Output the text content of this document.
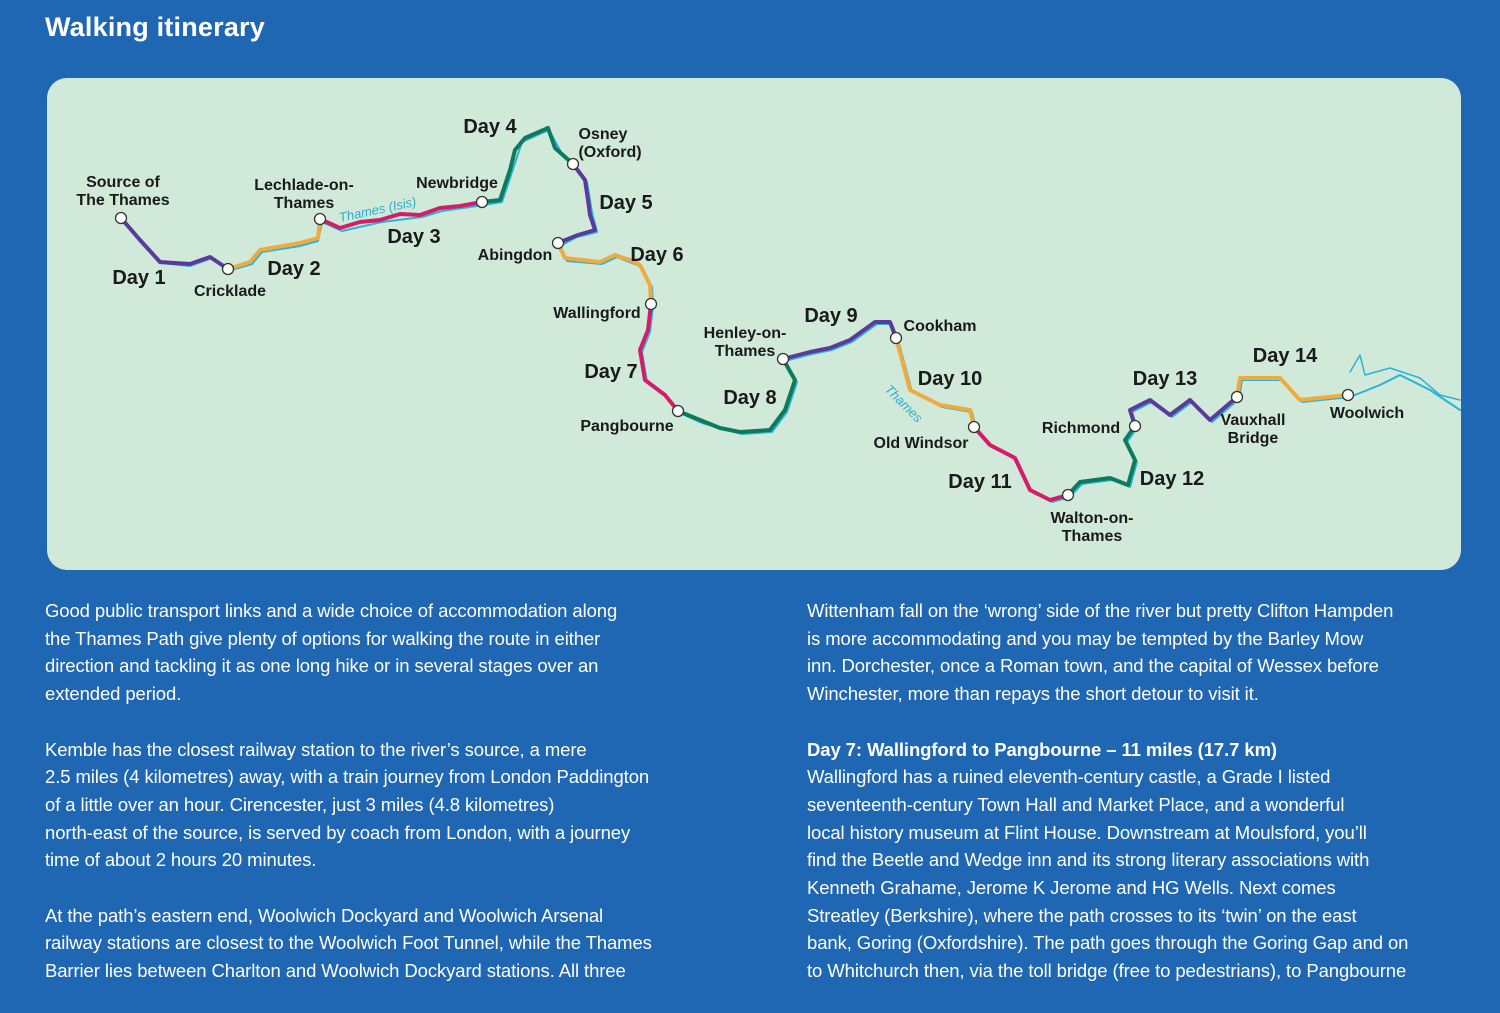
Walking itinerary
Source of
The Thames
Cricklade
Lechlade-on-
Thames
Newbridge
Osney
(Oxford)
Abingdon
Wallingford
Pangbourne
Henley-on-
Thames
Cookham
Old Windsor
Walton-on-
Thames
Richmond	Vauxhall
Bridge
Woolwich
Day 1	Day 2
Day 3
Day 4
Day 5
Day 6
Day 7
Day 8
Day 9
Day 10
Day 11	Day 12
Day 13
Day 14
Thames (Isis)
Thames
Good public transport links and a wide choice of accommodation along
the Thames Path give plenty of options for walking the route in either
direction and tackling it as one long hike or in several stages over an
extended period.
Kemble has the closest railway station to the river’s source, a mere
2.5 miles (4 kilometres) away, with a train journey from London Paddington
of a little over an hour. Cirencester, just 3 miles (4.8 kilometres)
north-east of the source, is served by coach from London, with a journey
time of about 2 hours 20 minutes.
At the path’s eastern end, Woolwich Dockyard and Woolwich Arsenal
railway stations are closest to the Woolwich Foot Tunnel, while the Thames
Barrier lies between Charlton and Woolwich Dockyard stations. All three
Wittenham fall on the ‘wrong’ side of the river but pretty Clifton Hampden
is more accommodating and you may be tempted by the Barley Mow
inn. Dorchester, once a Roman town, and the capital of Wessex before
Winchester, more than repays the short detour to visit it.
Day 7: Wallingford to Pangbourne – 11 miles (17.7 km)
Wallingford has a ruined eleventh-century castle, a Grade I listed
seventeenth-century Town Hall and Market Place, and a wonderful
local history museum at Flint House. Downstream at Moulsford, you’ll
find the Beetle and Wedge inn and its strong literary associations with
Kenneth Grahame, Jerome K Jerome and HG Wells. Next comes
Streatley (Berkshire), where the path crosses to its ‘twin’ on the east
bank, Goring (Oxfordshire). The path goes through the Goring Gap and on
to Whitchurch then, via the toll bridge (free to pedestrians), to Pangbourne
